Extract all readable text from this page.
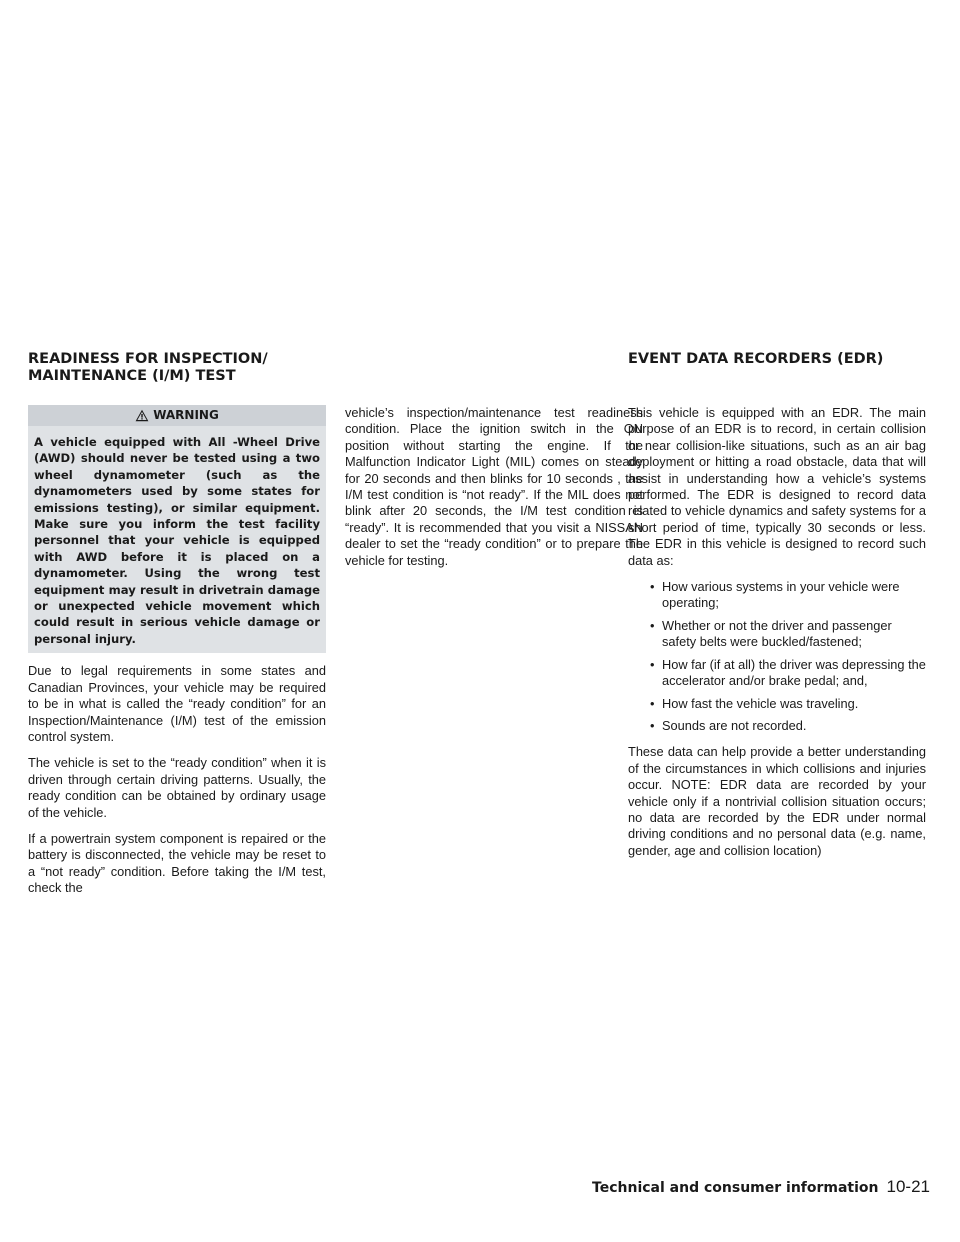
READINESS FOR INSPECTION/
MAINTENANCE (I/M) TEST
EVENT DATA RECORDERS (EDR)
WARNING
A vehicle equipped with All -Wheel Drive (AWD) should never be tested using a two wheel dynamometer (such as the dynamometers used by some states for emissions testing), or similar equipment. Make sure you inform the test facility personnel that your vehicle is equipped with AWD before it is placed on a dynamometer. Using the wrong test equipment may result in drivetrain damage or unexpected vehicle movement which could result in serious vehicle damage or personal injury.

Due to legal requirements in some states and Canadian Provinces, your vehicle may be required to be in what is called the “ready condition” for an Inspection/Maintenance (I/M) test of the emission control system.

The vehicle is set to the “ready condition” when it is driven through certain driving patterns. Usually, the ready condition can be obtained by ordinary usage of the vehicle.

If a powertrain system component is repaired or the battery is disconnected, the vehicle may be reset to a “not ready” condition. Before taking the I/M test, check the

vehicle’s inspection/maintenance test readiness condition. Place the ignition switch in the ON position without starting the engine. If the Malfunction Indicator Light (MIL) comes on steady for 20 seconds and then blinks for 10 seconds , the I/M test condition is “not ready”. If the MIL does not blink after 20 seconds, the I/M test condition is “ready”. It is recommended that you visit a NISSAN dealer to set the “ready condition” or to prepare the vehicle for testing.

This vehicle is equipped with an EDR. The main purpose of an EDR is to record, in certain collision or near collision-like situations, such as an air bag deployment or hitting a road obstacle, data that will assist in understanding how a vehicle’s systems performed. The EDR is designed to record data related to vehicle dynamics and safety systems for a short period of time, typically 30 seconds or less. The EDR in this vehicle is designed to record such data as:

• How various systems in your vehicle were operating;
• Whether or not the driver and passenger safety belts were buckled/fastened;
• How far (if at all) the driver was depressing the accelerator and/or brake pedal; and,
• How fast the vehicle was traveling.
• Sounds are not recorded.

These data can help provide a better understanding of the circumstances in which collisions and injuries occur. NOTE: EDR data are recorded by your vehicle only if a nontrivial collision situation occurs; no data are recorded by the EDR under normal driving conditions and no personal data (e.g. name, gender, age and collision location)

Technical and consumer information 10-21
